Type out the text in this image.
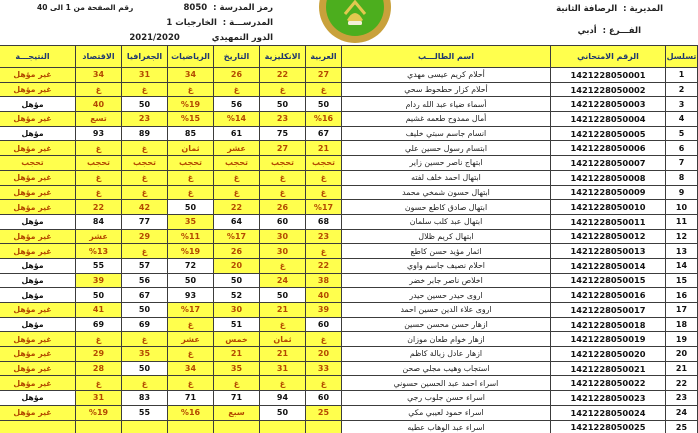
المديرية :  الرصافة الثانية
الفـــرع :  أدبي
رمز المدرسة :  8050
المدرســـة :  الخارجيات 1
الدور التمهيدي2021/2020
رقم الصفحة من 1 الى 40
تسلسل	الرقم الامتحاني	اسم الطالـــب	العربية	الانكليزية	التاريخ	الرياضيات	الجغرافيا	الاقتصاد	النتيجـــة
1	1421228050001	أحلام كريم عيسى مهدي	27	22	26	34	31	34	غير مؤهل
2	1421228050002	أحلام كزار حطحوط سحي	غ	غ	غ	غ	غ	غ	غير مؤهل
3	1421228050003	أسماء ضياء عبد الله ردام	50	50	56	%19	50	40	مؤهل
4	1421228050004	أمال ممدوح طعمه غشيم	%16	23	%14	%15	23	تسع	غير مؤهل
5	1421228050005	انسام جاسم سبتي خليف	67	75	61	85	89	93	مؤهل
6	1421228050006	ابتسام رسول حسين علي	21	27	عشر	ثمان	غ	غ	غير مؤهل
7	1421228050007	ابتهاج ناصر حسين زاير	تحجب	تحجب	تحجب	تحجب	تحجب	تحجب	تحجب
8	1421228050008	ابتهال احمد خلف لفته	غ	غ	غ	غ	غ	غ	غير مؤهل
9	1421228050009	ابتهال حسون شمخي محمد	غ	غ	غ	غ	غ	غ	غير مؤهل
10	1421228050010	ابتهال صادق كاطع حسون	%17	26	22	50	42	22	غير مؤهل
11	1421228050011	ابتهال عبد كلب سلمان	68	60	64	35	77	84	مؤهل
12	1421228050012	ابتهال كريم ظلال	23	30	%17	%11	29	عشر	غير مؤهل
13	1421228050013	اثمار مؤيد حسن كاطع	غ	30	26	%19	غ	%13	غير مؤهل
14	1421228050014	احلام نصيف جاسم واوي	22	غ	20	72	57	55	مؤهل
15	1421228050015	اخلاص ناصر جابر خضر	38	24	50	50	56	39	مؤهل
16	1421228050016	اروى حيدر حسين حيدر	40	50	52	93	67	50	مؤهل
17	1421228050017	اروى علاء الدين حسين احمد	39	21	30	%17	50	41	غير مؤهل
18	1421228050018	ازهار حسن محسن حسين	60	غ	51	غ	69	69	مؤهل
19	1421228050019	ازهار خوام طعان موزان	غ	ثمان	خمس	عشر	غ	غ	غير مؤهل
20	1421228050020	ازهار عادل زبالة كاظم	20	21	21	غ	35	29	غير مؤهل
21	1421228050021	استجاب وهيب مجلي صحن	33	31	35	34	50	28	غير مؤهل
22	1421228050022	اسراء احمد عبد الحسين حسوني	غ	غ	غ	غ	غ	غ	غير مؤهل
23	1421228050023	اسراء حسن جلوب رجي	60	94	71	71	83	31	مؤهل
24	1421228050024	اسراء حمود لعيبي مكي	25	50	سبع	%16	55	%19	غير مؤهل
25	1421228050025	اسراء عبد الوهاب عطيه							
